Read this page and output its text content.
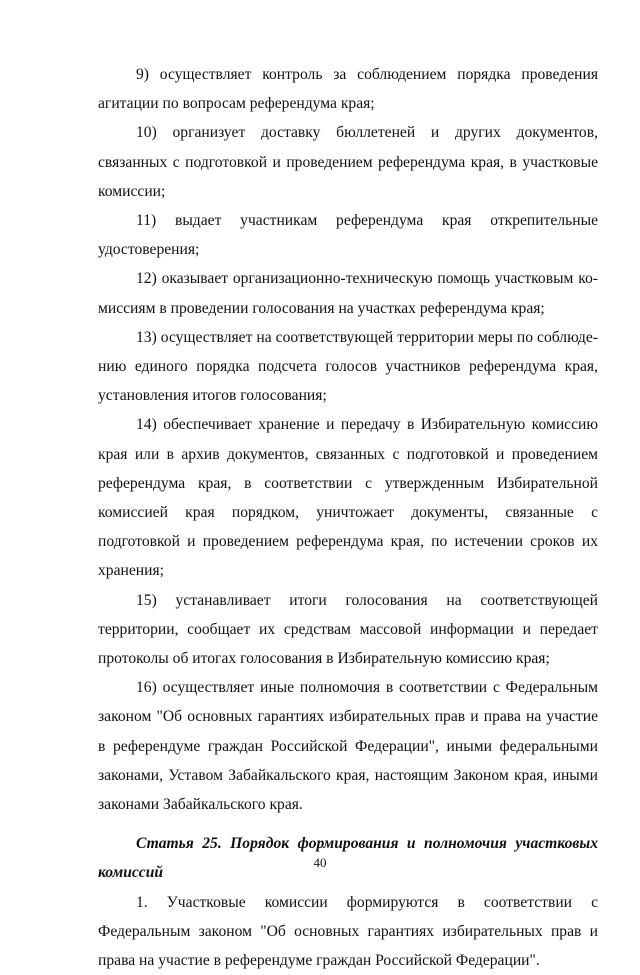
9) осуществляет контроль за соблюдением порядка проведения агитации по вопросам референдума края;

10) организует доставку бюллетеней и других документов, связанных с подготовкой и проведением референдума края, в участковые комиссии;

11) выдает участникам референдума края открепительные удостоверения;

12) оказывает организационно-техническую помощь участковым комиссиям в проведении голосования на участках референдума края;

13) осуществляет на соответствующей территории меры по соблюдению единого порядка подсчета голосов участников референдума края, установления итогов голосования;

14) обеспечивает хранение и передачу в Избирательную комиссию края или в архив документов, связанных с подготовкой и проведением референдума края, в соответствии с утвержденным Избирательной комиссией края порядком, уничтожает документы, связанные с подготовкой и проведением референдума края, по истечении сроков их хранения;

15) устанавливает итоги голосования на соответствующей территории, сообщает их средствам массовой информации и передает протоколы об итогах голосования в Избирательную комиссию края;

16) осуществляет иные полномочия в соответствии с Федеральным законом "Об основных гарантиях избирательных прав и права на участие в референдуме граждан Российской Федерации", иными федеральными законами, Уставом Забайкальского края, настоящим Законом края, иными законами Забайкальского края.

Статья 25. Порядок формирования и полномочия участковых комиссий

1. Участковые комиссии формируются в соответствии с Федеральным законом "Об основных гарантиях избирательных прав и права на участие в референдуме граждан Российской Федерации".

40
